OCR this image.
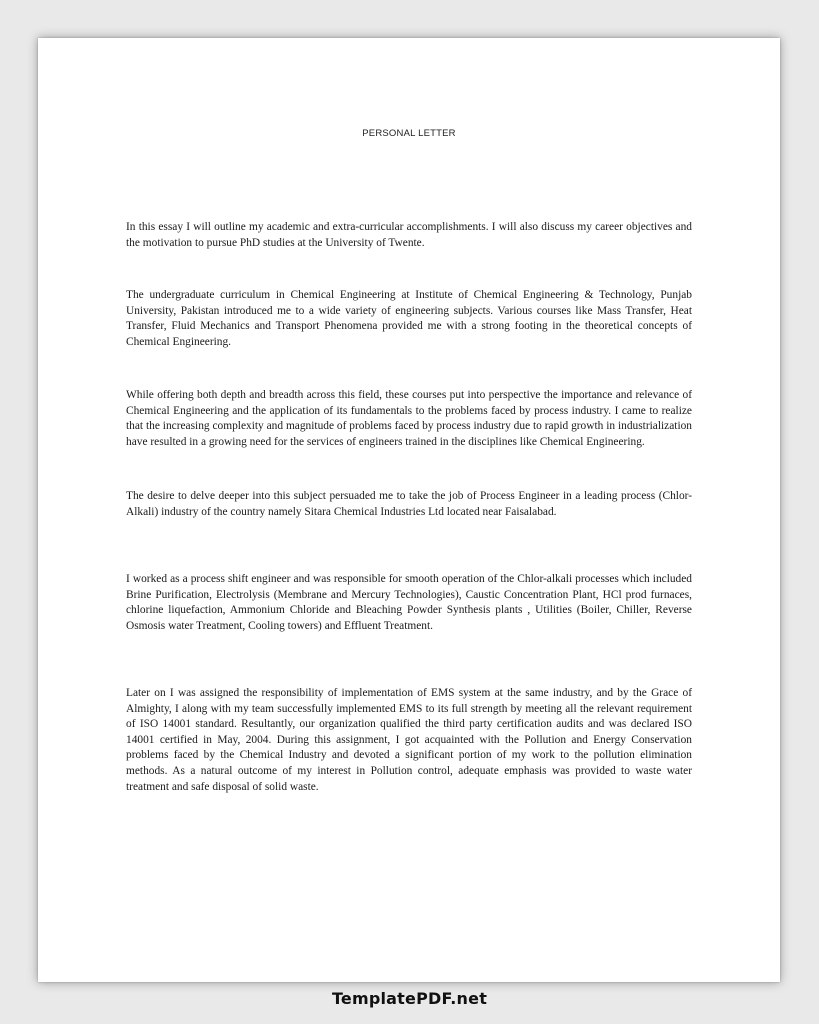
PERSONAL LETTER

In this essay I will outline my academic and extra-curricular accomplishments. I will also discuss my career objectives and the motivation to pursue PhD studies at the University of Twente.

The undergraduate curriculum in Chemical Engineering at Institute of Chemical Engineering & Technology, Punjab University, Pakistan introduced me to a wide variety of engineering subjects. Various courses like Mass Transfer, Heat Transfer, Fluid Mechanics and Transport Phenomena provided me with a strong footing in the theoretical concepts of Chemical Engineering.

While offering both depth and breadth across this field, these courses put into perspective the importance and relevance of Chemical Engineering and the application of its fundamentals to the problems faced by process industry. I came to realize that the increasing complexity and magnitude of problems faced by process industry due to rapid growth in industrialization have resulted in a growing need for the services of engineers trained in the disciplines like Chemical Engineering.

The desire to delve deeper into this subject persuaded me to take the job of Process Engineer in a leading process (Chlor-Alkali) industry of the country namely Sitara Chemical Industries Ltd located near Faisalabad.

I worked as a process shift engineer and was responsible for smooth operation of the Chlor-alkali processes which included Brine Purification, Electrolysis (Membrane and Mercury Technologies), Caustic Concentration Plant, HCl prod furnaces, chlorine liquefaction, Ammonium Chloride and Bleaching Powder Synthesis plants , Utilities (Boiler, Chiller, Reverse Osmosis water Treatment, Cooling towers) and Effluent Treatment.

Later on I was assigned the responsibility of implementation of EMS system at the same industry, and by the Grace of Almighty, I along with my team successfully implemented EMS to its full strength by meeting all the relevant requirement of ISO 14001 standard. Resultantly, our organization qualified the third party certification audits and was declared ISO 14001 certified in May, 2004. During this assignment, I got acquainted with the Pollution and Energy Conservation problems faced by the Chemical Industry and devoted a significant portion of my work to the pollution elimination methods. As a natural outcome of my interest in Pollution control, adequate emphasis was provided to waste water treatment and safe disposal of solid waste.

TemplatePDF.net
